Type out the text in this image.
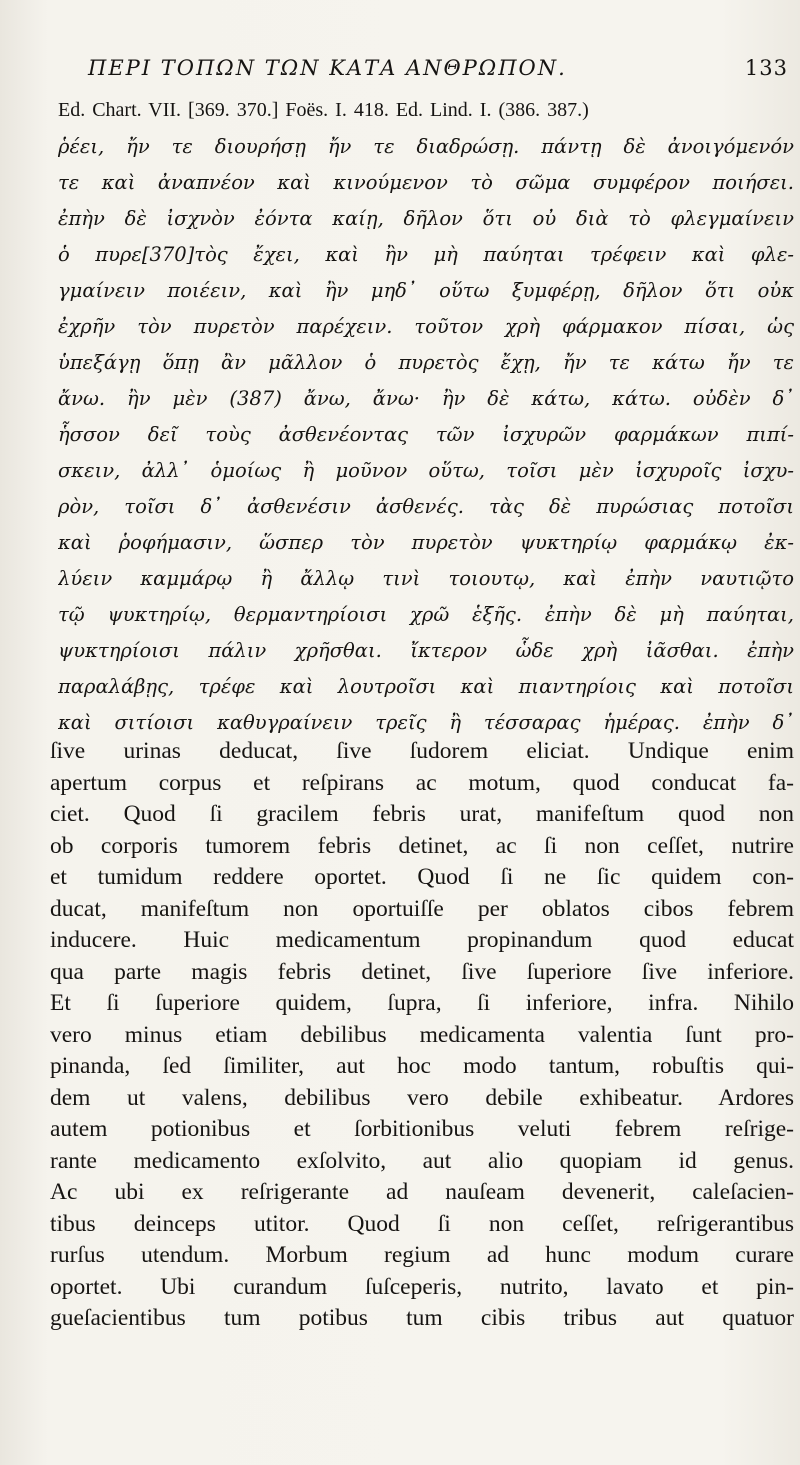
ΠΕΡΙ ΤΟΠΩΝ ΤΩΝ ΚΑΤΑ ΑΝΘΡΩΠΟΝ.	133
Ed. Chart. VII. [369. 370.] Foës. I. 418. Ed. Lind. I. (386. 387.)
ῥέει, ἤν τε διουρήσῃ ἤν τε διαδρώσῃ. πάντῃ δὲ ἀνοιγόμενόν
τε καὶ ἀναπνέον καὶ κινούμενον τὸ σῶμα συμφέρον ποιήσει.
ἐπὴν δὲ ἰσχνὸν ἐόντα καίῃ, δῆλον ὅτι οὐ διὰ τὸ φλεγμαίνειν
ὁ πυρε[370]τὸς ἔχει, καὶ ἢν μὴ παύηται τρέφειν καὶ φλε-
γμαίνειν ποιέειν, καὶ ἢν μηδ᾿ οὕτω ξυμφέρῃ, δῆλον ὅτι οὐκ
ἐχρῆν τὸν πυρετὸν παρέχειν. τοῦτον χρὴ φάρμακον πίσαι, ὡς
ὑπεξάγῃ ὅπῃ ἂν μᾶλλον ὁ πυρετὸς ἔχῃ, ἤν τε κάτω ἤν τε
ἄνω. ἢν μὲν (387) ἄνω, ἄνω· ἢν δὲ κάτω, κάτω. οὐδὲν δ᾿
ἧσσον δεῖ τοὺς ἀσθενέοντας τῶν ἰσχυρῶν φαρμάκων πιπί-
σκειν, ἀλλ᾿ ὁμοίως ἢ μοῦνον οὕτω, τοῖσι μὲν ἰσχυροῖς ἰσχυ-
ρὸν, τοῖσι δ᾿ ἀσθενέσιν ἀσθενές. τὰς δὲ πυρώσιας ποτοῖσι
καὶ ῥοφήμασιν, ὥσπερ τὸν πυρετὸν ψυκτηρίῳ φαρμάκῳ ἐκ-
λύειν καμμάρῳ ἢ ἄλλῳ τινὶ τοιουτῳ, καὶ ἐπὴν ναυτιῷτο
τῷ ψυκτηρίῳ, θερμαντηρίοισι χρῶ ἑξῆς. ἐπὴν δὲ μὴ παύηται,
ψυκτηρίοισι πάλιν χρῆσθαι. ἴκτερον ὧδε χρὴ ἰᾶσθαι. ἐπὴν
παραλάβῃς, τρέφε καὶ λουτροῖσι καὶ πιαντηρίοις καὶ ποτοῖσι
καὶ σιτίοισι καθυγραίνειν τρεῖς ἢ τέσσαρας ἡμέρας. ἐπὴν δ᾿
ſive urinas deducat, ſive ſudorem eliciat. Undique enim
apertum corpus et reſpirans ac motum, quod conducat fa-
ciet. Quod ſi gracilem febris urat, manifeſtum quod non
ob corporis tumorem febris detinet, ac ſi non ceſſet, nutrire
et tumidum reddere oportet. Quod ſi ne ſic quidem con-
ducat, manifeſtum non oportuiſſe per oblatos cibos febrem
inducere. Huic medicamentum propinandum quod educat
qua parte magis febris detinet, ſive ſuperiore ſive inferiore.
Et ſi ſuperiore quidem, ſupra, ſi inferiore, infra. Nihilo
vero minus etiam debilibus medicamenta valentia ſunt pro-
pinanda, ſed ſimiliter, aut hoc modo tantum, robuſtis qui-
dem ut valens, debilibus vero debile exhibeatur. Ardores
autem potionibus et ſorbitionibus veluti febrem reſrige-
rante medicamento exſolvito, aut alio quopiam id genus.
Ac ubi ex reſrigerante ad nauſeam devenerit, caleſacien-
tibus deinceps utitor. Quod ſi non ceſſet, reſrigerantibus
rurſus utendum. Morbum regium ad hunc modum curare
oportet. Ubi curandum ſuſceperis, nutrito, lavato et pin-
gueſacientibus tum potibus tum cibis tribus aut quatuor
